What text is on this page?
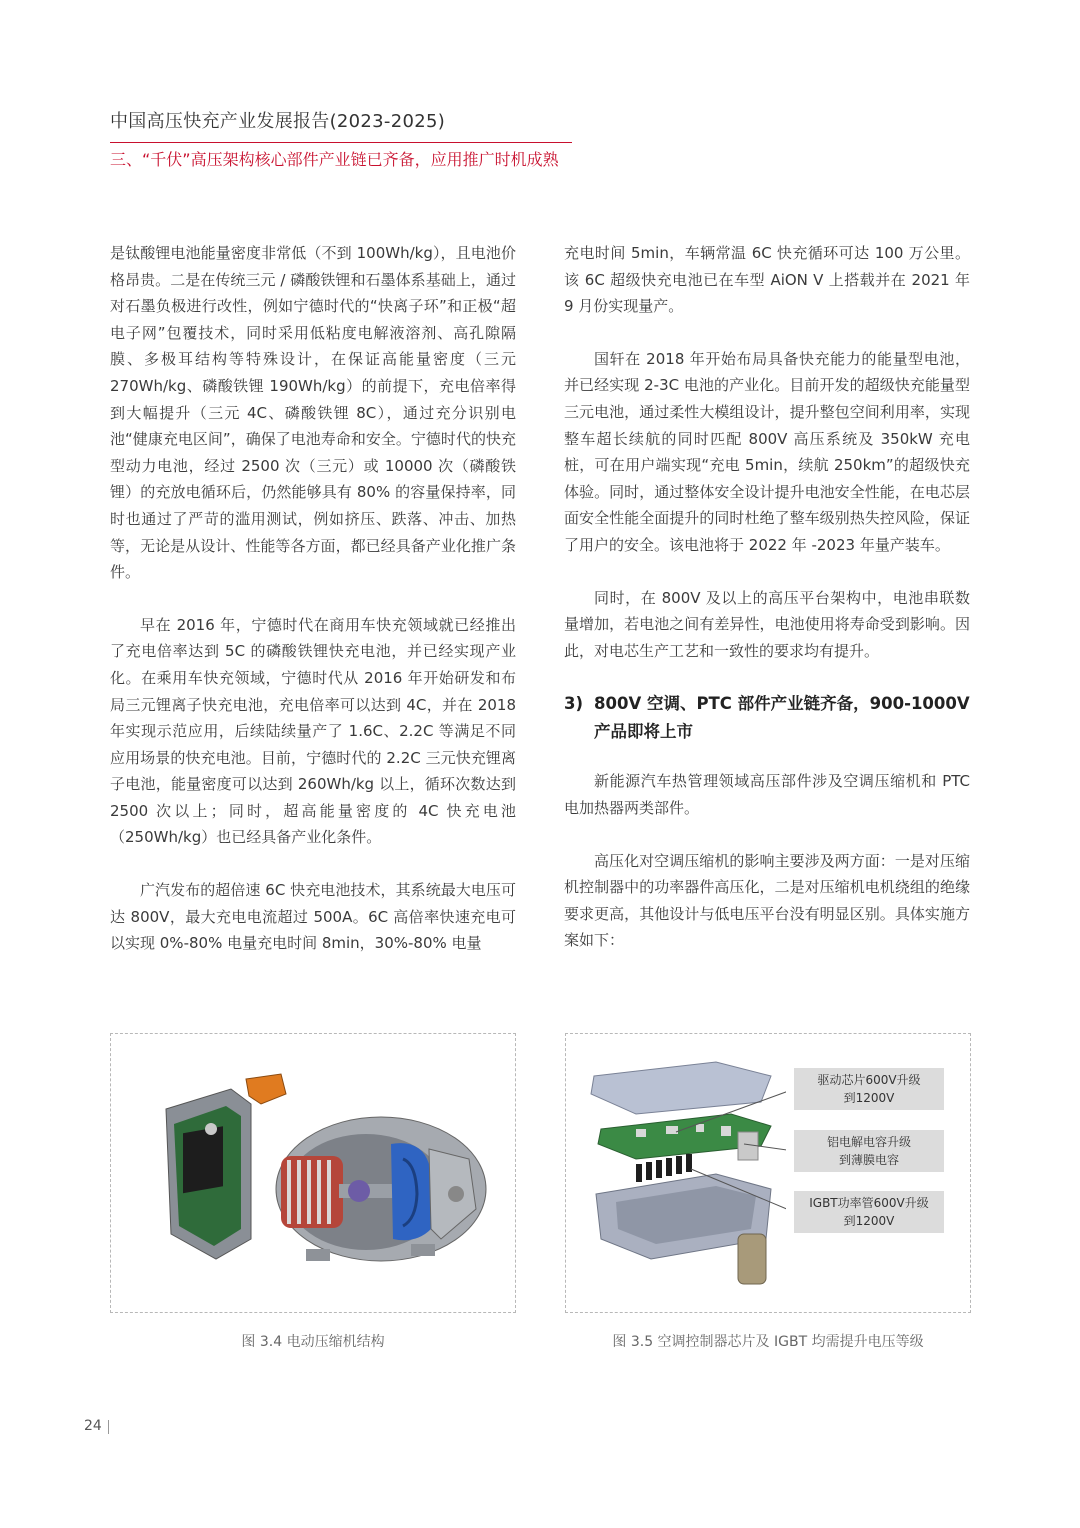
中国高压快充产业发展报告(2023-2025)
三、“千伏”高压架构核心部件产业链已齐备，应用推广时机成熟

是钛酸锂电池能量密度非常低（不到 100Wh/kg），且电池价格昂贵。二是在传统三元 / 磷酸铁锂和石墨体系基础上，通过对石墨负极进行改性，例如宁德时代的“快离子环”和正极“超电子网”包覆技术，同时采用低粘度电解液溶剂、高孔隙隔膜、多极耳结构等特殊设计，在保证高能量密度（三元 270Wh/kg、磷酸铁锂 190Wh/kg）的前提下，充电倍率得到大幅提升（三元 4C、磷酸铁锂 8C），通过充分识别电池“健康充电区间”，确保了电池寿命和安全。宁德时代的快充型动力电池，经过 2500 次（三元）或 10000 次（磷酸铁锂）的充放电循环后，仍然能够具有 80% 的容量保持率，同时也通过了严苛的滥用测试，例如挤压、跌落、冲击、加热等，无论是从设计、性能等各方面，都已经具备产业化推广条件。

早在 2016 年，宁德时代在商用车快充领域就已经推出了充电倍率达到 5C 的磷酸铁锂快充电池，并已经实现产业化。在乘用车快充领域，宁德时代从 2016 年开始研发和布局三元锂离子快充电池，充电倍率可以达到 4C，并在 2018 年实现示范应用，后续陆续量产了 1.6C、2.2C 等满足不同应用场景的快充电池。目前，宁德时代的 2.2C 三元快充锂离子电池，能量密度可以达到 260Wh/kg 以上，循环次数达到 2500 次以上；同时，超高能量密度的 4C 快充电池（250Wh/kg）也已经具备产业化条件。

广汽发布的超倍速 6C 快充电池技术，其系统最大电压可达 800V，最大充电电流超过 500A。6C 高倍率快速充电可以实现 0%-80% 电量充电时间 8min，30%-80% 电量

充电时间 5min，车辆常温 6C 快充循环可达 100 万公里。该 6C 超级快充电池已在车型 AiON V 上搭载并在 2021 年 9 月份实现量产。

国轩在 2018 年开始布局具备快充能力的能量型电池，并已经实现 2-3C 电池的产业化。目前开发的超级快充能量型三元电池，通过柔性大模组设计，提升整包空间利用率，实现整车超长续航的同时匹配 800V 高压系统及 350kW 充电桩，可在用户端实现“充电 5min，续航 250km”的超级快充体验。同时，通过整体安全设计提升电池安全性能，在电芯层面安全性能全面提升的同时杜绝了整车级别热失控风险，保证了用户的安全。该电池将于 2022 年 -2023 年量产装车。

同时，在 800V 及以上的高压平台架构中，电池串联数量增加，若电池之间有差异性，电池使用将寿命受到影响。因此，对电芯生产工艺和一致性的要求均有提升。

3) 800V 空调、PTC 部件产业链齐备，900-1000V 产品即将上市

新能源汽车热管理领域高压部件涉及空调压缩机和 PTC 电加热器两类部件。

高压化对空调压缩机的影响主要涉及两方面：一是对压缩机控制器中的功率器件高压化，二是对压缩机电机绕组的绝缘要求更高，其他设计与低电压平台没有明显区别。具体实施方案如下：

驱动芯片600V升级
到1200V
铝电解电容升级
到薄膜电容
IGBT功率管600V升级
到1200V
图 3.4 电动压缩机结构	图 3.5 空调控制器芯片及 IGBT 均需提升电压等级
24
